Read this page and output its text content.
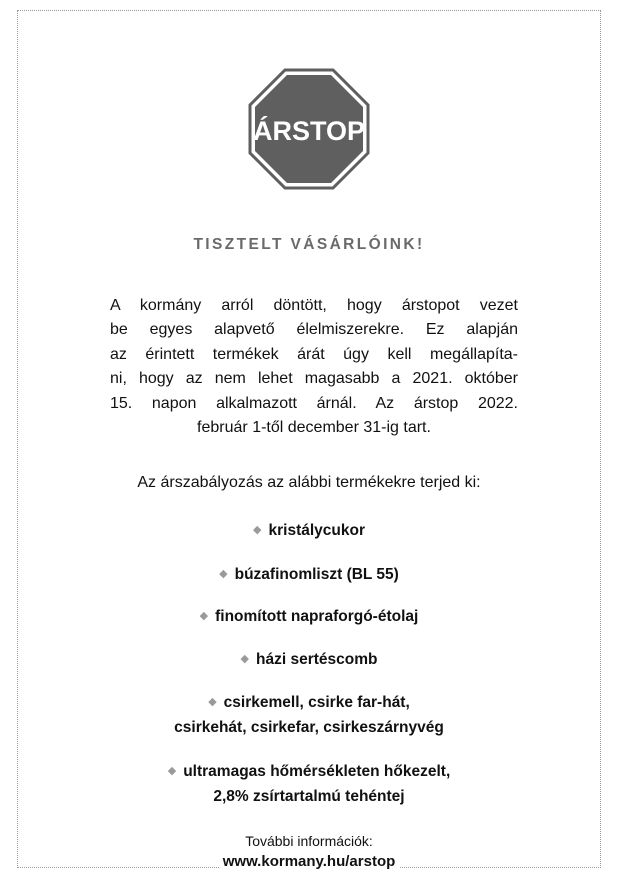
ÁRSTOP
TISZTELT VÁSÁRLÓINK!
A kormány arról döntött, hogy árstopot vezet
be egyes alapvető élelmiszerekre. Ez alapján
az érintett termékek árát úgy kell megállapíta-
ni, hogy az nem lehet magasabb a 2021. október
15. napon alkalmazott árnál. Az árstop 2022.
február 1-től december 31-ig tart.
Az árszabályozás az alábbi termékekre terjed ki:
◆ kristálycukor
◆ búzafinomliszt (BL 55)
◆ finomított napraforgó-étolaj
◆ házi sertéscomb
◆ csirkemell, csirke far-hát,
csirkehát, csirkefar, csirkeszárnyvég
◆ ultramagas hőmérsékleten hőkezelt,
2,8% zsírtartalmú tehéntej
További információk:
www.kormany.hu/arstop
